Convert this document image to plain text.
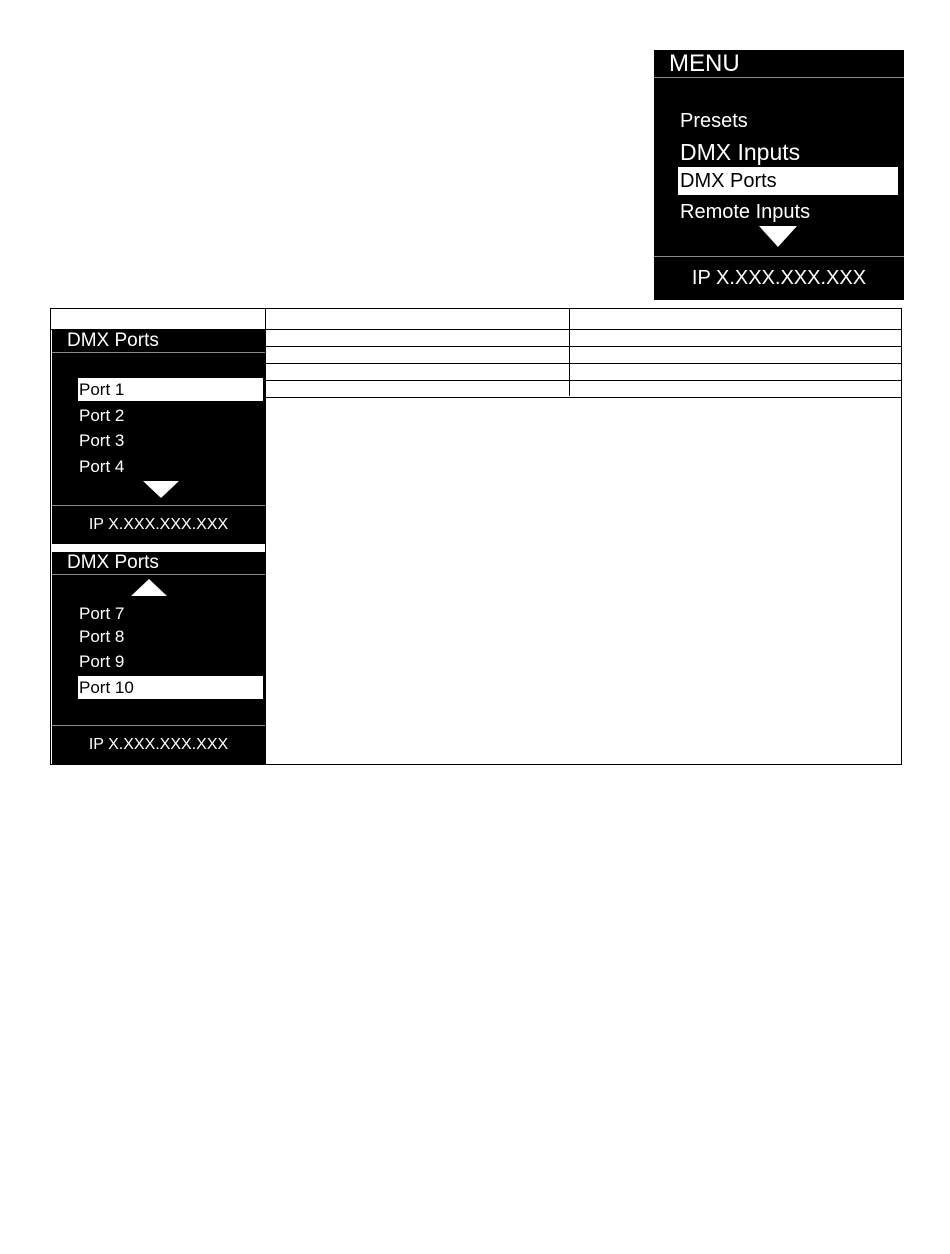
MENU
Presets
DMX Inputs
DMX Ports
Remote Inputs
IP X.XXX.XXX.XXX
DMX Ports
Port 1
Port 2
Port 3
Port 4
IP X.XXX.XXX.XXX
DMX Ports
Port 7
Port 8
Port 9
Port 10
IP X.XXX.XXX.XXX
